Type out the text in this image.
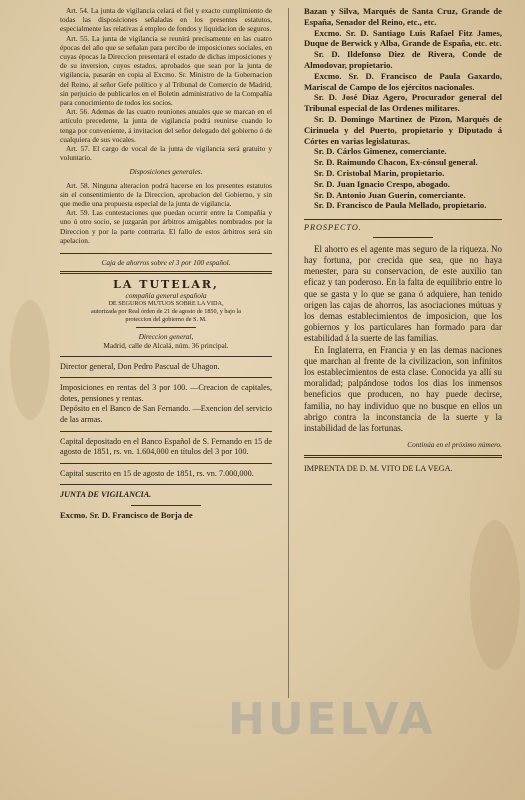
Art. 54. La junta de vigilancia celará el fiel y exacto cumplimiento de todas las disposiciones señaladas en los presentes estatutos, especialmente las relativas á empleo de fondos y liquidacion de seguros.

Art. 55. La junta de vigilancia se reunirá precisamente en las cuatro épocas del año que se señalan para percibo de imposiciones sociales, en cuyas épocas la Direccion presentará el estado de dichas imposiciones y de su inversion, cuyos estados, aprobados que sean por la junta de vigilancia, pasarán en copia al Excmo. Sr. Ministro de la Gobernacion del Reino, al señor Gefe político y al Tribunal de Comercio de Madrid, sin perjuicio de publicarlos en el Boletin administrativo de la Compañía para conocimiento de todos los socios.

Art. 56. Ademas de las cuatro reuniones anuales que se marcan en el artículo precedente, la junta de vigilancia podrá reunirse cuando lo tenga por conveniente, á invitacion del señor delegado del gobierno ó de cualquiera de sus vocales.

Art. 57. El cargo de vocal de la junta de vigilancia será gratuito y voluntario.

Disposiciones generales.

Art. 58. Ninguna alteracion podrá hacerse en los presentes estatutos sin el consentimiento de la Direccion, aprobacion del Gobierno, y sin que medie una propuesta especial de la junta de vigilancia.

Art. 59. Las contestaciones que puedan ocurrir entre la Compañía y uno ú otro socio, se juzgarán por árbitros amigables nombrados por la Direccion y por la parte contraria. El fallo de estos árbitros será sin apelacion.

Caja de ahorros sobre el 3 por 100 español.

LA TUTELAR,

compañía general española

DE SEGUROS MUTUOS SOBRE LA VIDA,

autorizada por Real órden de 21 de agosto de 1850, y bajo la proteccion del gobierno de S. M.

Direccion general,

Madrid, calle de Alcalá, núm. 36 principal.

Director general, Don Pedro Pascual de Uhagon.

Imposiciones en rentas del 3 por 100. —Creacion de capitales, dotes, pensiones y rentas.

Depósito en el Banco de San Fernando. —Exencion del servicio de las armas.

Capital depositado en el Banco Español de S. Fernando en 15 de agosto de 1851, rs. vn. 1.604,000 en títulos del 3 por 100.

Capital suscrito en 15 de agosto de 1851, rs. vn. 7.000,000.

JUNTA DE VIGILANCIA.

Excmo. Sr. D. Francisco de Borja de

Bazan y Silva, Marqués de Santa Cruz, Grande de España, Senador del Reino, etc., etc.

Excmo. Sr. D. Santiago Luis Rafael Fitz James, Duque de Berwick y Alba, Grande de España, etc. etc.

Sr. D. Ildefonso Diez de Rivera, Conde de Almodovar, propietario.

Excmo. Sr. D. Francisco de Paula Gaxardo, Mariscal de Campo de los ejércitos nacionales.

Sr. D. José Diaz Agero, Procurador general del Tribunal especial de las Ordenes militares.

Sr. D. Domingo Martinez de Pizon, Marqués de Cirinuela y del Puerto, propietario y Diputado á Córtes en varias legislaturas.

Sr. D. Cárlos Gimenez, comerciante.

Sr. D. Raimundo Chacon, Ex-cónsul general.

Sr. D. Cristobal Marin, propietario.

Sr. D. Juan Ignacio Crespo, abogado.

Sr. D. Antonio Juan Guerin, comerciante.

Sr. D. Francisco de Paula Mellado, propietario.

PROSPECTO.

El ahorro es el agente mas seguro de la riqueza. No hay fortuna, por crecida que sea, que no haya menester, para su conservacion, de este auxilio tan eficaz y tan poderoso. En la falta de equilibrio entre lo que se gasta y lo que se gana ó adquiere, han tenido origen las cajas de ahorros, las asociaciones mútuas y los demas establecimientos de imposicion, que los gobiernos y los particulares han formado para dar estabilidad á la suerte de las familias.

En Inglaterra, en Francia y en las demas naciones que marchan al frente de la civilizacion, son infinitos los establecimientos de esta clase. Conocida ya allí su moralidad; palpándose todos los dias los inmensos beneficios que producen, no hay puede decirse, familia, no hay individuo que no busque en ellos un abrigo contra la inconstancia de la suerte y la instabilidad de las fortunas.

Continúa en el próximo número.

IMPRENTA DE D. M. VITO DE LA VEGA.

HUELVA
